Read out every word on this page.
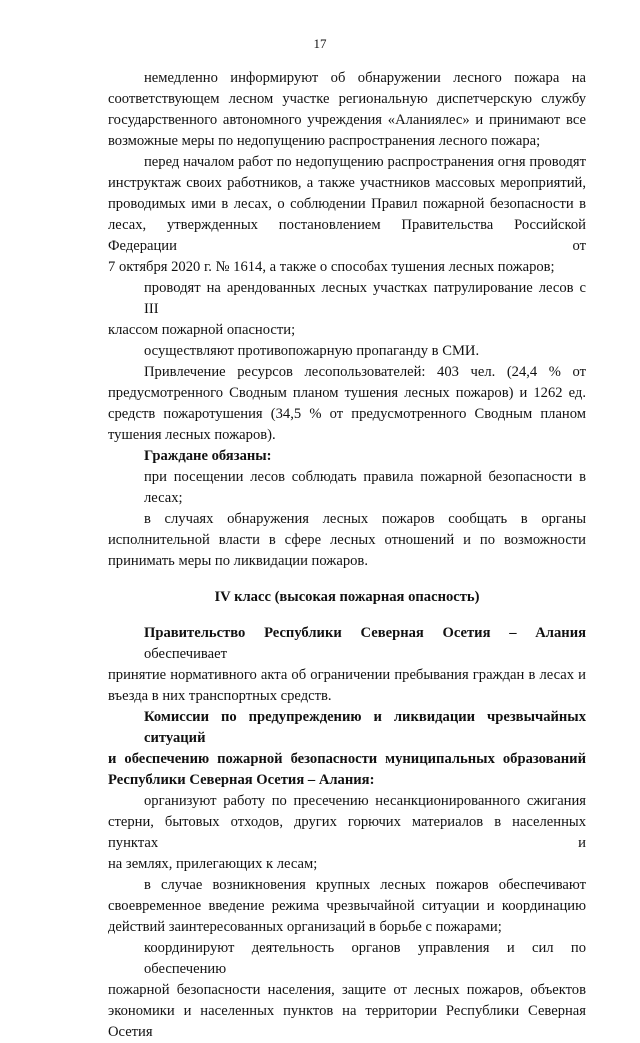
17

немедленно информируют об обнаружении лесного пожара на
соответствующем лесном участке региональную диспетчерскую службу
государственного автономного учреждения «Аланиялес» и принимают все
возможные меры по недопущению распространения лесного пожара;

перед началом работ по недопущению распространения огня проводят
инструктаж своих работников, а также участников массовых мероприятий,
проводимых ими в лесах, о соблюдении Правил пожарной безопасности в
лесах, утвержденных постановлением Правительства Российской Федерации от
7 октября 2020 г. № 1614, а также о способах тушения лесных пожаров;

проводят на арендованных лесных участках патрулирование лесов с III
классом пожарной опасности;

осуществляют противопожарную пропаганду в СМИ.

Привлечение ресурсов лесопользователей: 403 чел. (24,4 % от
предусмотренного Сводным планом тушения лесных пожаров) и 1262 ед.
средств пожаротушения (34,5 % от предусмотренного Сводным планом
тушения лесных пожаров).

Граждане обязаны:

при посещении лесов соблюдать правила пожарной безопасности в лесах;

в случаях обнаружения лесных пожаров сообщать в органы
исполнительной власти в сфере лесных отношений и по возможности
принимать меры по ликвидации пожаров.

IV класс (высокая пожарная опасность)

Правительство Республики Северная Осетия – Алания обеспечивает
принятие нормативного акта об ограничении пребывания граждан в лесах и
въезда в них транспортных средств.

Комиссии по предупреждению и ликвидации чрезвычайных ситуаций
и обеспечению пожарной безопасности муниципальных образований
Республики Северная Осетия – Алания:

организуют работу по пресечению несанкционированного сжигания
стерни, бытовых отходов, других горючих материалов в населенных пунктах и
на землях, прилегающих к лесам;

в случае возникновения крупных лесных пожаров обеспечивают
своевременное введение режима чрезвычайной ситуации и координацию
действий заинтересованных организаций в борьбе с пожарами;

координируют деятельность органов управления и сил по обеспечению
пожарной безопасности населения, защите от лесных пожаров, объектов
экономики и населенных пунктов на территории Республики Северная Осетия
